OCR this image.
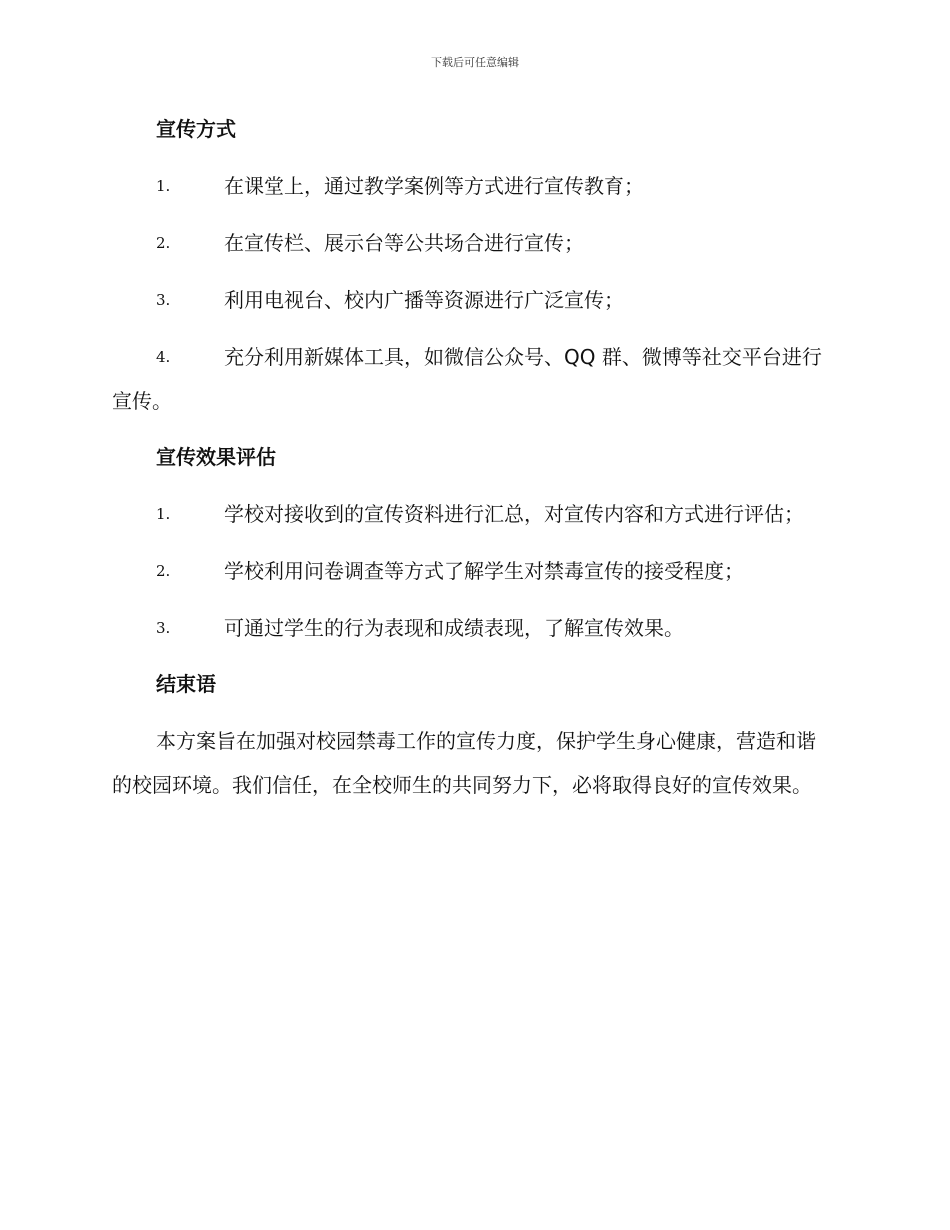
下载后可任意编辑
宣传方式

1.	在课堂上，通过教学案例等方式进行宣传教育；

2.	在宣传栏、展示台等公共场合进行宣传；

3.	利用电视台、校内广播等资源进行广泛宣传；

4.	充分利用新媒体工具，如微信公众号、QQ 群、微博等社交平台进行宣传。

宣传效果评估

1.	学校对接收到的宣传资料进行汇总，对宣传内容和方式进行评估；

2.	学校利用问卷调查等方式了解学生对禁毒宣传的接受程度；

3.	可通过学生的行为表现和成绩表现，了解宣传效果。

结束语

本方案旨在加强对校园禁毒工作的宣传力度，保护学生身心健康，营造和谐的校园环境。我们信任，在全校师生的共同努力下，必将取得良好的宣传效果。
